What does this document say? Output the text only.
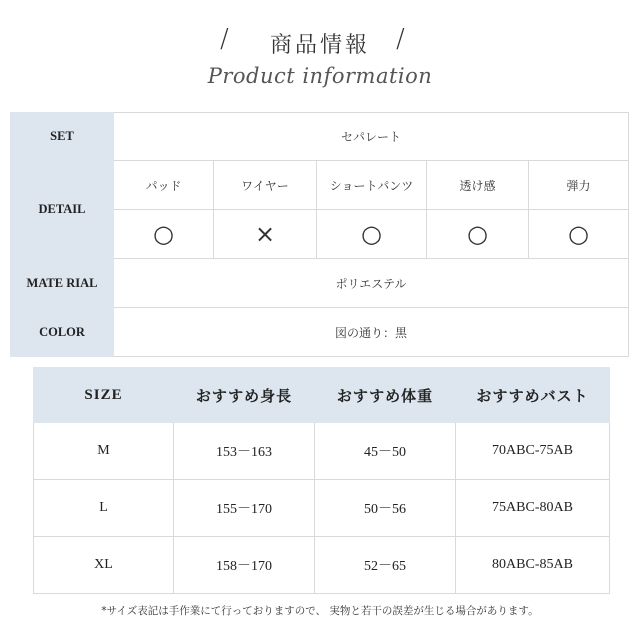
/	商品情報	/
Product information
SET	セパレート				
DETAIL	パッド	ワイヤー	ショートパンツ	透け感	弾力
	○	×	○	○	○
MATE RIAL	ポリエステル				
COLOR	図の通り：黒				
SIZE	おすすめ身長	おすすめ体重	おすすめバスト
M	153－163	45－50	70ABC-75AB
L	155－170	50－56	75ABC-80AB
XL	158－170	52－65	80ABC-85AB
*サイズ表記は手作業にて行っておりますので、 実物と若干の誤差が生じる場合があります。
